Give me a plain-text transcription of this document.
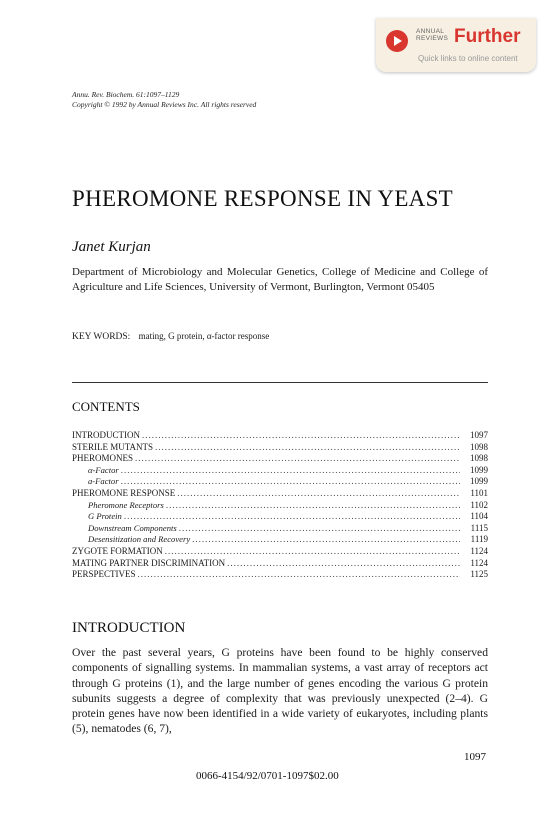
ANNUAL
REVIEWS Further
Quick links to online content
Annu. Rev. Biochem. 61:1097–1129
Copyright © 1992 by Annual Reviews Inc. All rights reserved
PHEROMONE RESPONSE IN YEAST
Janet Kurjan
Department of Microbiology and Molecular Genetics, College of Medicine and College of Agriculture and Life Sciences, University of Vermont, Burlington, Vermont 05405
KEY WORDS: mating, G protein, α-factor response
CONTENTS
INTRODUCTION .....	1097
STERILE MUTANTS .....	1098
PHEROMONES .....	1098
α-Factor .....	1099
a-Factor .....	1099
PHEROMONE RESPONSE .....	1101
Pheromone Receptors .....	1102
G Protein .....	1104
Downstream Components .....	1115
Desensitization and Recovery .....	1119
ZYGOTE FORMATION .....	1124
MATING PARTNER DISCRIMINATION .....	1124
PERSPECTIVES .....	1125
INTRODUCTION
Over the past several years, G proteins have been found to be highly conserved components of signalling systems. In mammalian systems, a vast array of receptors act through G proteins (1), and the large number of genes encoding the various G protein subunits suggests a degree of complexity that was previously unexpected (2–4). G protein genes have now been identified in a wide variety of eukaryotes, including plants (5), nematodes (6, 7),
1097
0066-4154/92/0701-1097$02.00
